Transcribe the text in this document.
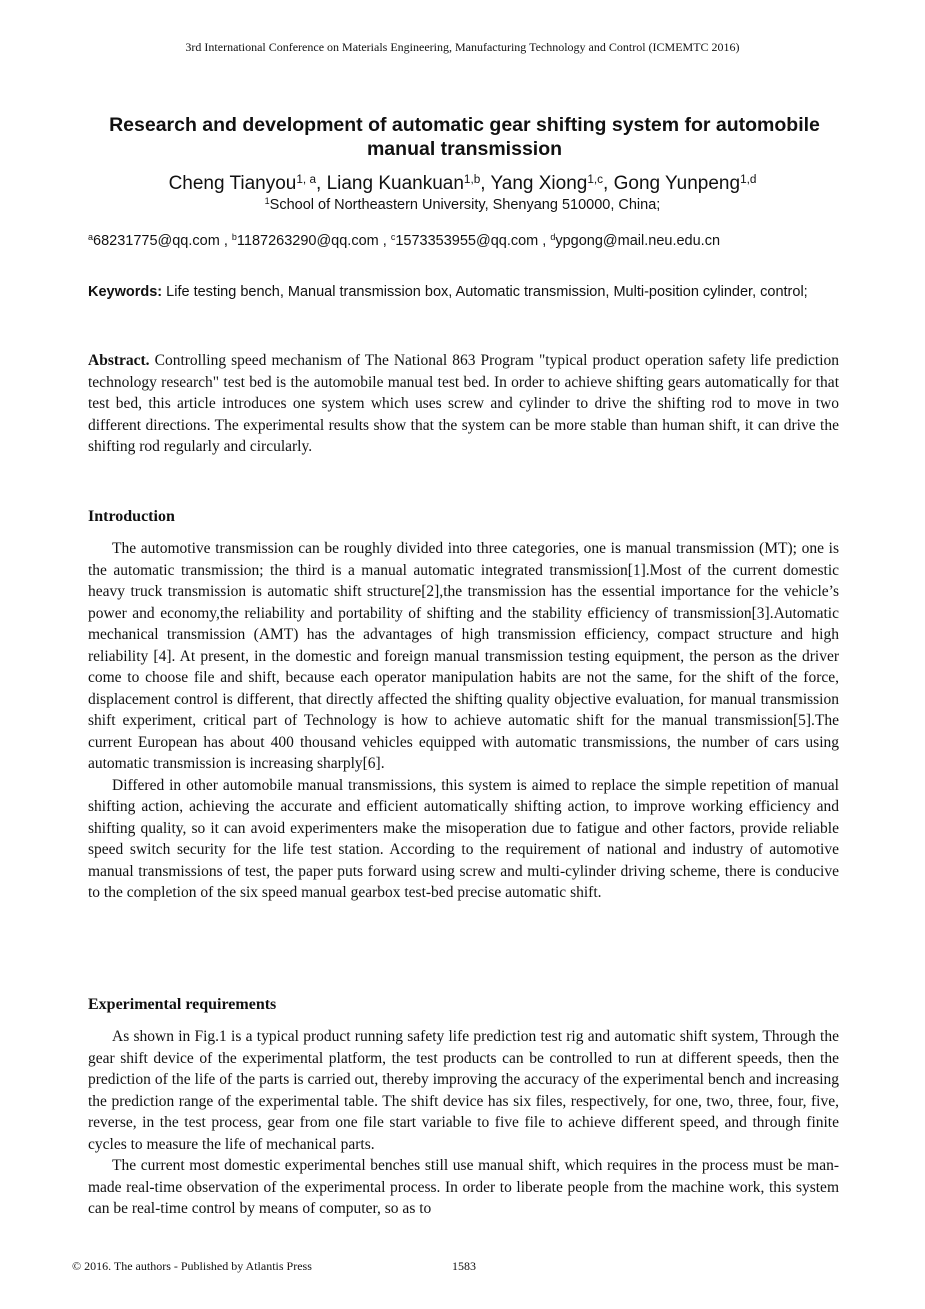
3rd International Conference on Materials Engineering, Manufacturing Technology and Control (ICMEMTC 2016)
Research and development of automatic gear shifting system for automobile manual transmission
Cheng Tianyou$^{1, a}$, Liang Kuankuan$^{1,b}$, Yang Xiong$^{1,c}$, Gong Yunpeng$^{1,d}$
$^1$School of Northeastern University, Shenyang 510000, China;
$^a$68231775@qq.com , $^b$1187263290@qq.com , $^c$1573353955@qq.com , $^d$ypgong@mail.neu.edu.cn
Keywords: Life testing bench, Manual transmission box, Automatic transmission, Multi-position cylinder, control;

Abstract. Controlling speed mechanism of The National 863 Program "typical product operation safety life prediction technology research" test bed is the automobile manual test bed. In order to achieve shifting gears automatically for that test bed, this article introduces one system which uses screw and cylinder to drive the shifting rod to move in two different directions. The experimental results show that the system can be more stable than human shift, it can drive the shifting rod regularly and circularly.

Introduction

The automotive transmission can be roughly divided into three categories, one is manual transmission (MT); one is the automatic transmission; the third is a manual automatic integrated transmission[1].Most of the current domestic heavy truck transmission is automatic shift structure[2],the transmission has the essential importance for the vehicle’s power and economy,the reliability and portability of shifting and the stability efficiency of transmission[3].Automatic mechanical transmission (AMT) has the advantages of high transmission efficiency, compact structure and high reliability [4]. At present, in the domestic and foreign manual transmission testing equipment, the person as the driver come to choose file and shift, because each operator manipulation habits are not the same, for the shift of the force, displacement control is different, that directly affected the shifting quality objective evaluation, for manual transmission shift experiment, critical part of Technology is how to achieve automatic shift for the manual transmission[5].The current European has about 400 thousand vehicles equipped with automatic transmissions, the number of cars using automatic transmission is increasing sharply[6].

Differed in other automobile manual transmissions, this system is aimed to replace the simple repetition of manual shifting action, achieving the accurate and efficient automatically shifting action, to improve working efficiency and shifting quality, so it can avoid experimenters make the misoperation due to fatigue and other factors, provide reliable speed switch security for the life test station. According to the requirement of national and industry of automotive manual transmissions of test, the paper puts forward using screw and multi-cylinder driving scheme, there is conducive to the completion of the six speed manual gearbox test-bed precise automatic shift.

Experimental requirements

As shown in Fig.1 is a typical product running safety life prediction test rig and automatic shift system, Through the gear shift device of the experimental platform, the test products can be controlled to run at different speeds, then the prediction of the life of the parts is carried out, thereby improving the accuracy of the experimental bench and increasing the prediction range of the experimental table. The shift device has six files, respectively, for one, two, three, four, five, reverse, in the test process, gear from one file start variable to five file to achieve different speed, and through finite cycles to measure the life of mechanical parts.

The current most domestic experimental benches still use manual shift, which requires in the process must be man-made real-time observation of the experimental process. In order to liberate people from the machine work, this system can be real-time control by means of computer, so as to

© 2016. The authors - Published by Atlantis Press	1583
